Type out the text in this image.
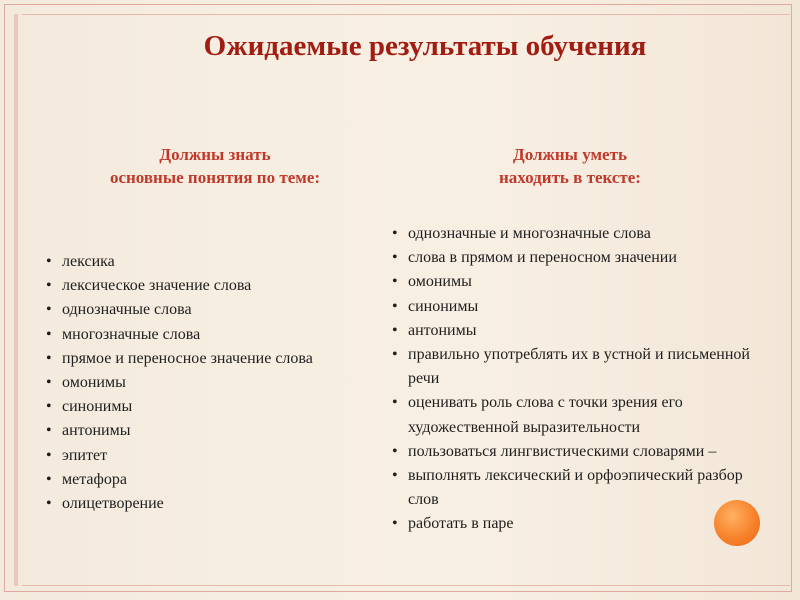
Ожидаемые результаты обучения
Должны знать
основные понятия по теме:
Должны уметь
находить в тексте:
• лексика
• лексическое значение слова
• однозначные слова
• многозначные слова
• прямое и переносное значение слова
• омонимы
• синонимы
• антонимы
• эпитет
• метафора
• олицетворение
• однозначные и многозначные слова
• слова в прямом и переносном значении
• омонимы
• синонимы
• антонимы
• правильно употреблять их в устной и письменной речи
• оценивать роль слова с точки зрения его художественной выразительности
• пользоваться лингвистическими словарями –
• выполнять лексический и орфоэпический разбор слов
• работать в паре
